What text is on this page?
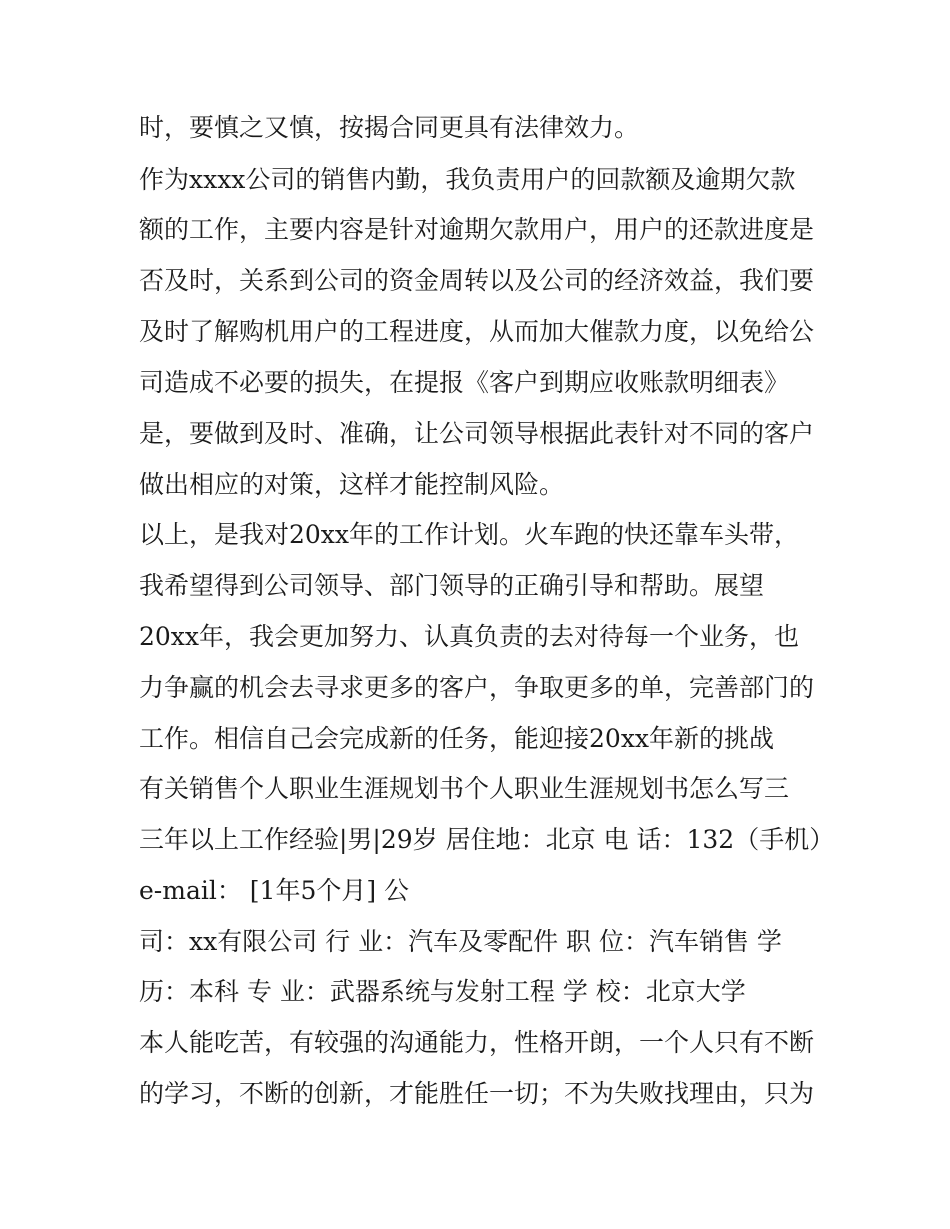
时，要慎之又慎，按揭合同更具有法律效力。
作为xxxx公司的销售内勤，我负责用户的回款额及逾期欠款
额的工作，主要内容是针对逾期欠款用户，用户的还款进度是
否及时，关系到公司的资金周转以及公司的经济效益，我们要
及时了解购机用户的工程进度，从而加大催款力度，以免给公
司造成不必要的损失，在提报《客户到期应收账款明细表》
是，要做到及时、准确，让公司领导根据此表针对不同的客户
做出相应的对策，这样才能控制风险。
以上，是我对20xx年的工作计划。火车跑的快还靠车头带，
我希望得到公司领导、部门领导的正确引导和帮助。展望
20xx年，我会更加努力、认真负责的去对待每一个业务，也
力争赢的机会去寻求更多的客户，争取更多的单，完善部门的
工作。相信自己会完成新的任务，能迎接20xx年新的挑战
有关销售个人职业生涯规划书个人职业生涯规划书怎么写三
三年以上工作经验|男|29岁 居住地：北京 电 话：132（手机）
e-mail： [1年5个月] 公
司：xx有限公司 行 业：汽车及零配件 职 位：汽车销售 学
历：本科 专 业：武器系统与发射工程 学 校：北京大学
本人能吃苦，有较强的沟通能力，性格开朗，一个人只有不断
的学习，不断的创新，才能胜任一切；不为失败找理由，只为
